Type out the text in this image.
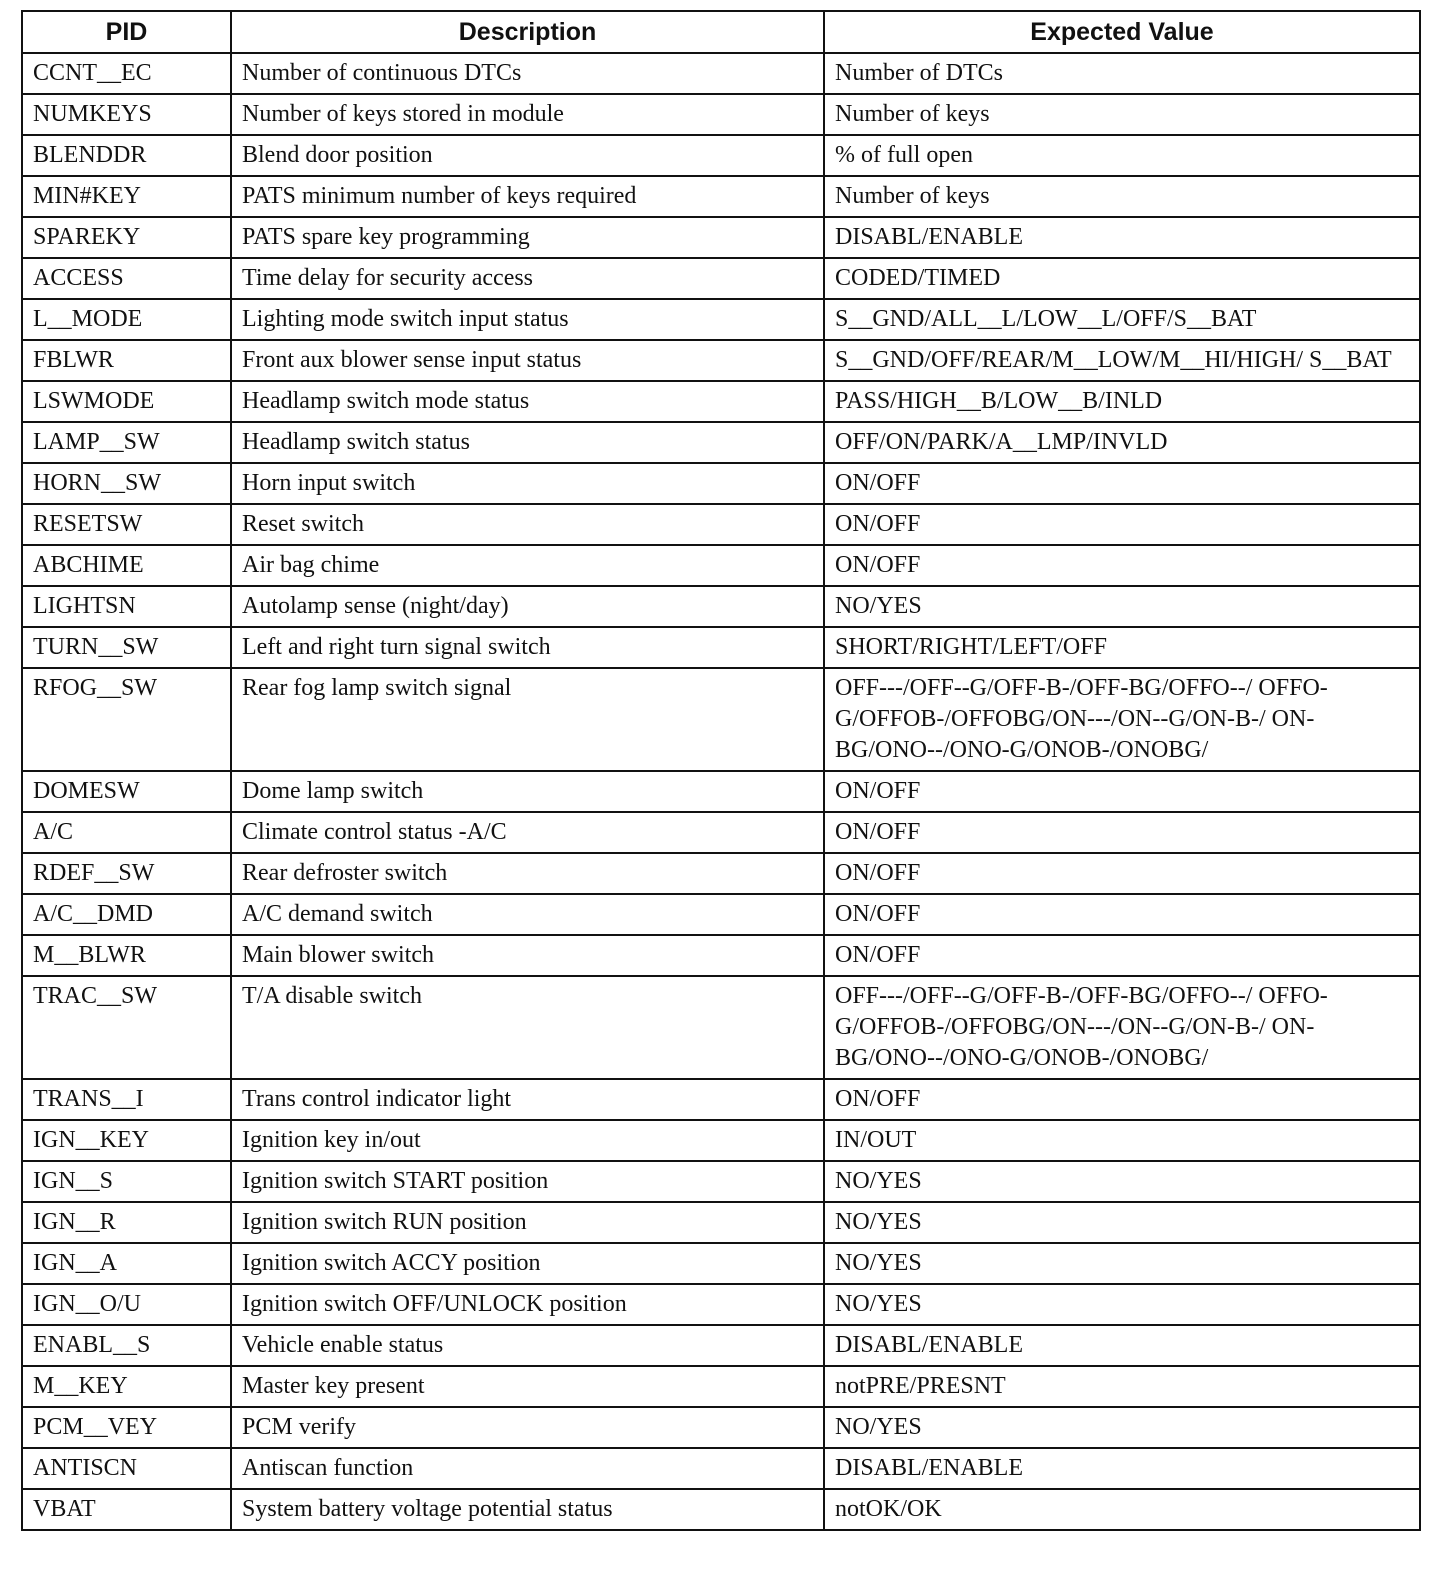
PID	Description	Expected Value
CCNT__EC	Number of continuous DTCs	Number of DTCs
NUMKEYS	Number of keys stored in module	Number of keys
BLENDDR	Blend door position	% of full open
MIN#KEY	PATS minimum number of keys required	Number of keys
SPAREKY	PATS spare key programming	DISABL/ENABLE
ACCESS	Time delay for security access	CODED/TIMED
L__MODE	Lighting mode switch input status	S__GND/ALL__L/LOW__L/OFF/S__BAT
FBLWR	Front aux blower sense input status	S__GND/OFF/REAR/M__LOW/M__HI/HIGH/ S__BAT
LSWMODE	Headlamp switch mode status	PASS/HIGH__B/LOW__B/INLD
LAMP__SW	Headlamp switch status	OFF/ON/PARK/A__LMP/INVLD
HORN__SW	Horn input switch	ON/OFF
RESETSW	Reset switch	ON/OFF
ABCHIME	Air bag chime	ON/OFF
LIGHTSN	Autolamp sense (night/day)	NO/YES
TURN__SW	Left and right turn signal switch	SHORT/RIGHT/LEFT/OFF
RFOG__SW	Rear fog lamp switch signal	OFF---/OFF--G/OFF-B-/OFF-BG/OFFO--/ OFFO-G/OFFOB-/OFFOBG/ON---/ON--G/ON-B-/ ON-BG/ONO--/ONO-G/ONOB-/ONOBG/
DOMESW	Dome lamp switch	ON/OFF
A/C	Climate control status -A/C	ON/OFF
RDEF__SW	Rear defroster switch	ON/OFF
A/C__DMD	A/C demand switch	ON/OFF
M__BLWR	Main blower switch	ON/OFF
TRAC__SW	T/A disable switch	OFF---/OFF--G/OFF-B-/OFF-BG/OFFO--/ OFFO-G/OFFOB-/OFFOBG/ON---/ON--G/ON-B-/ ON-BG/ONO--/ONO-G/ONOB-/ONOBG/
TRANS__I	Trans control indicator light	ON/OFF
IGN__KEY	Ignition key in/out	IN/OUT
IGN__S	Ignition switch START position	NO/YES
IGN__R	Ignition switch RUN position	NO/YES
IGN__A	Ignition switch ACCY position	NO/YES
IGN__O/U	Ignition switch OFF/UNLOCK position	NO/YES
ENABL__S	Vehicle enable status	DISABL/ENABLE
M__KEY	Master key present	notPRE/PRESNT
PCM__VEY	PCM verify	NO/YES
ANTISCN	Antiscan function	DISABL/ENABLE
VBAT	System battery voltage potential status	notOK/OK
